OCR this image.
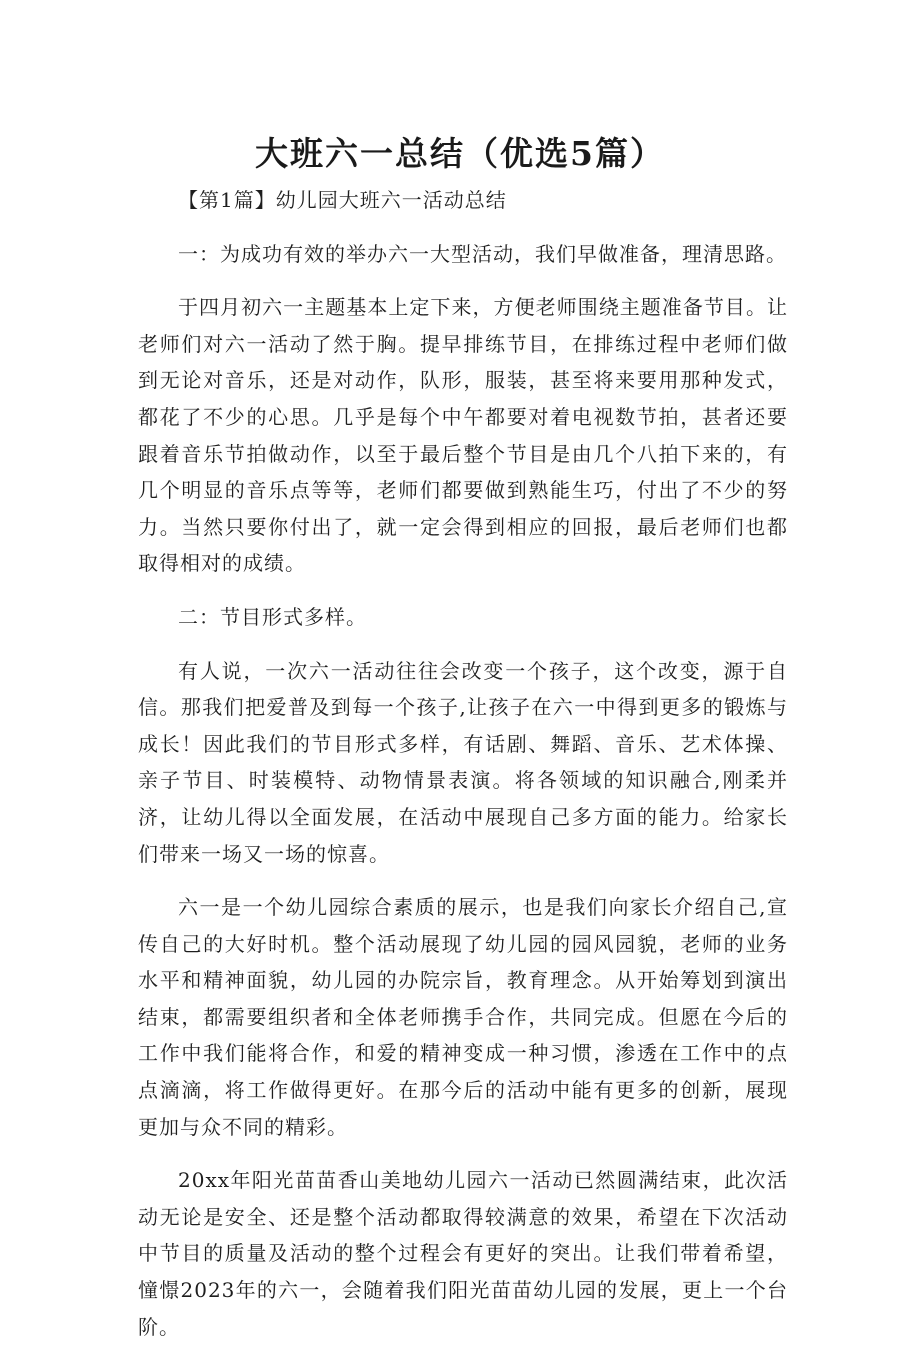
大班六一总结（优选5篇）

【第1篇】幼儿园大班六一活动总结

一：为成功有效的举办六一大型活动，我们早做准备，理清思路。

于四月初六一主题基本上定下来，方便老师围绕主题准备节目。让老师们对六一活动了然于胸。提早排练节目，在排练过程中老师们做到无论对音乐，还是对动作，队形，服装，甚至将来要用那种发式，都花了不少的心思。几乎是每个中午都要对着电视数节拍，甚者还要跟着音乐节拍做动作，以至于最后整个节目是由几个八拍下来的，有几个明显的音乐点等等，老师们都要做到熟能生巧，付出了不少的努力。当然只要你付出了，就一定会得到相应的回报，最后老师们也都取得相对的成绩。

二：节目形式多样。

有人说，一次六一活动往往会改变一个孩子，这个改变，源于自信。那我们把爱普及到每一个孩子,让孩子在六一中得到更多的锻炼与成长！因此我们的节目形式多样，有话剧、舞蹈、音乐、艺术体操、亲子节目、时装模特、动物情景表演。将各领域的知识融合,刚柔并济，让幼儿得以全面发展，在活动中展现自己多方面的能力。给家长们带来一场又一场的惊喜。

六一是一个幼儿园综合素质的展示，也是我们向家长介绍自己,宣传自己的大好时机。整个活动展现了幼儿园的园风园貌，老师的业务水平和精神面貌，幼儿园的办院宗旨，教育理念。从开始筹划到演出结束，都需要组织者和全体老师携手合作，共同完成。但愿在今后的工作中我们能将合作，和爱的精神变成一种习惯，渗透在工作中的点点滴滴，将工作做得更好。在那今后的活动中能有更多的创新，展现更加与众不同的精彩。

20xx年阳光苗苗香山美地幼儿园六一活动已然圆满结束，此次活动无论是安全、还是整个活动都取得较满意的效果，希望在下次活动中节目的质量及活动的整个过程会有更好的突出。让我们带着希望，憧憬2023年的六一，会随着我们阳光苗苗幼儿园的发展，更上一个台阶。
